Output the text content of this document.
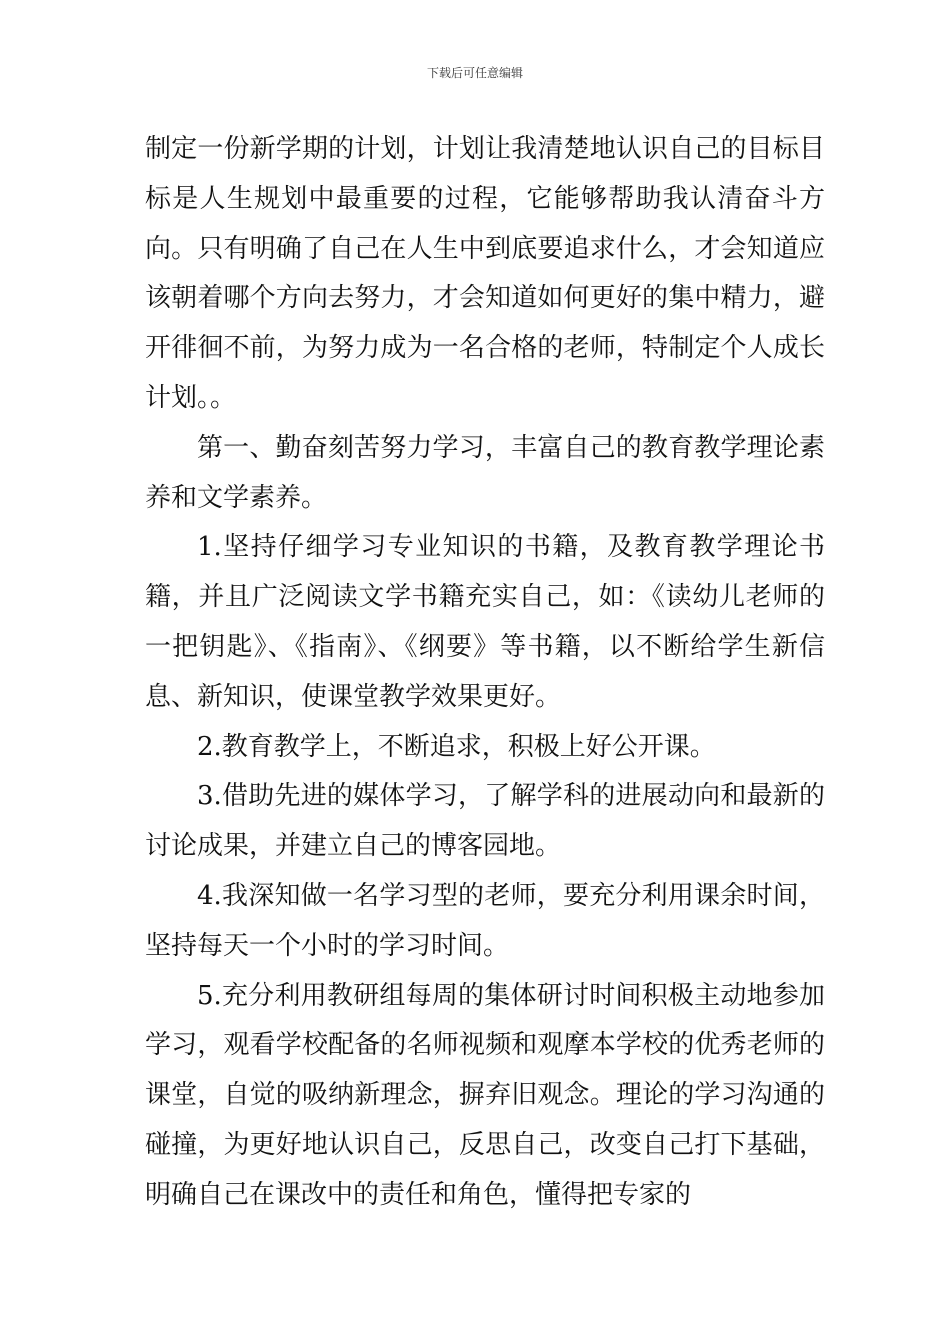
下载后可任意编辑

制定一份新学期的计划，计划让我清楚地认识自己的目标目标是人生规划中最重要的过程，它能够帮助我认清奋斗方向。只有明确了自己在人生中到底要追求什么，才会知道应该朝着哪个方向去努力，才会知道如何更好的集中精力，避开徘徊不前，为努力成为一名合格的老师，特制定个人成长计划。。

第一、勤奋刻苦努力学习，丰富自己的教育教学理论素养和文学素养。

1.坚持仔细学习专业知识的书籍，及教育教学理论书籍，并且广泛阅读文学书籍充实自己，如：《读幼儿老师的一把钥匙》、《指南》、《纲要》等书籍，以不断给学生新信息、新知识，使课堂教学效果更好。

2.教育教学上，不断追求，积极上好公开课。

3.借助先进的媒体学习，了解学科的进展动向和最新的讨论成果，并建立自己的博客园地。

4.我深知做一名学习型的老师，要充分利用课余时间，坚持每天一个小时的学习时间。

5.充分利用教研组每周的集体研讨时间积极主动地参加学习，观看学校配备的名师视频和观摩本学校的优秀老师的课堂，自觉的吸纳新理念，摒弃旧观念。理论的学习沟通的碰撞，为更好地认识自己，反思自己，改变自己打下基础，明确自己在课改中的责任和角色，懂得把专家的
